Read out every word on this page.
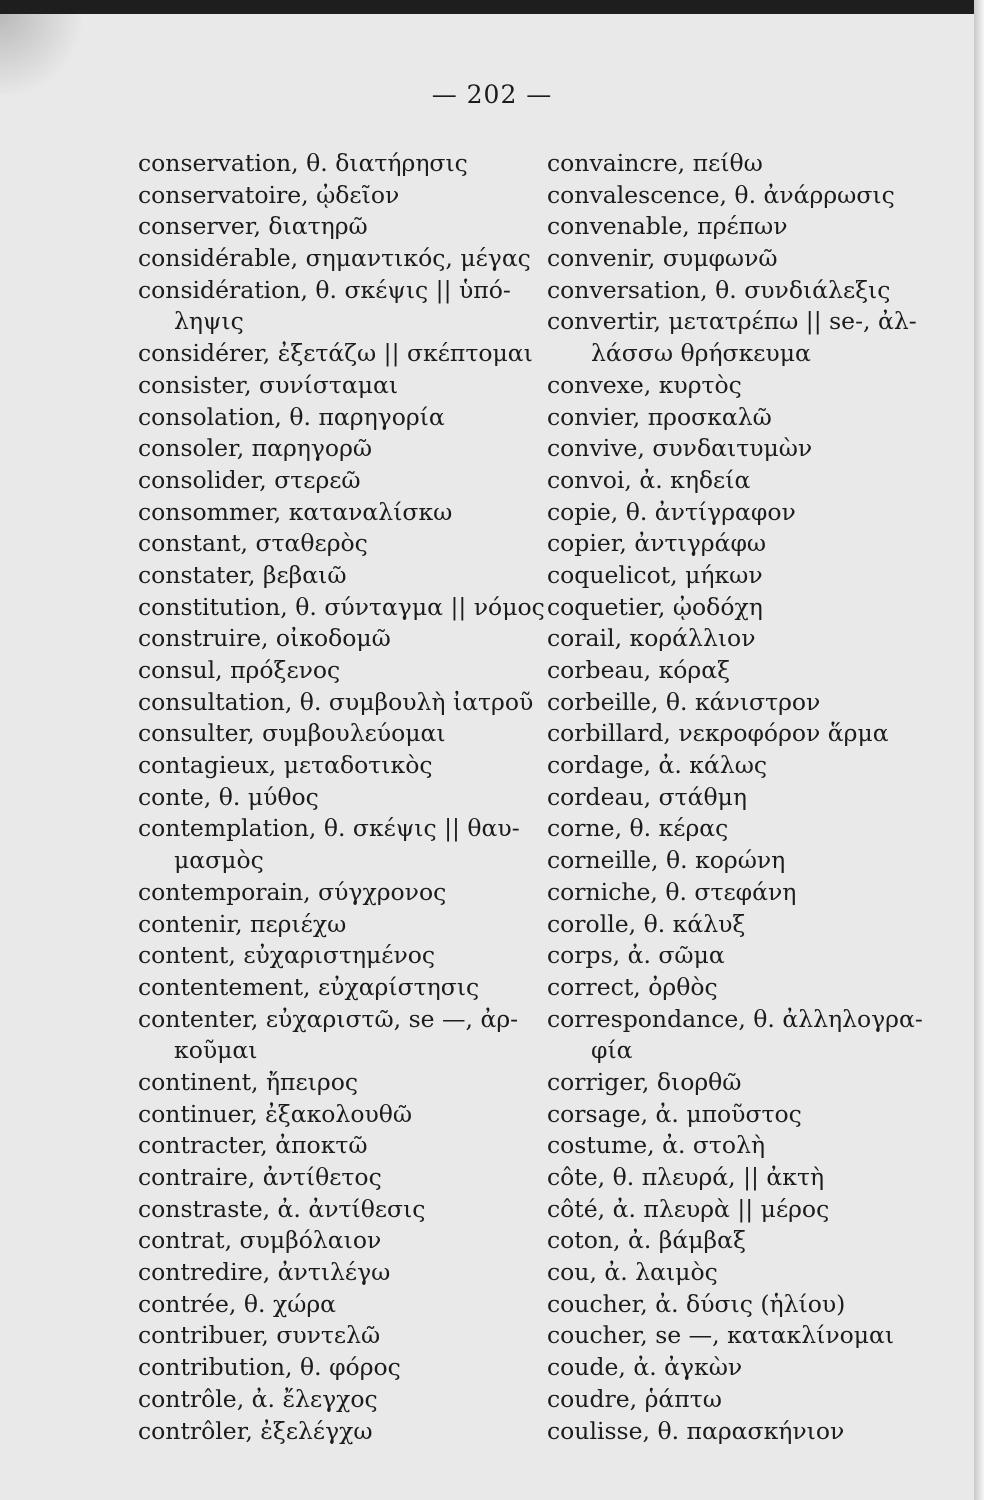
— 202 —
conservation, θ. διατήρησις
conservatoire, ᾠδεῖον
conserver, διατηρῶ
considérable, σημαντικός, μέγας
considération, θ. σκέψις || ὑπό-
ληψις
considérer, ἐξετάζω || σκέπτομαι
consister, συνίσταμαι
consolation, θ. παρηγορία
consoler, παρηγορῶ
consolider, στερεῶ
consommer, καταναλίσκω
constant, σταθερὸς
constater, βεβαιῶ
constitution, θ. σύνταγμα || νόμος
construire, οἰκοδομῶ
consul, πρόξενος
consultation, θ. συμβουλὴ ἰατροῦ
consulter, συμβουλεύομαι
contagieux, μεταδοτικὸς
conte, θ. μύθος
contemplation, θ. σκέψις || θαυ-
μασμὸς
contemporain, σύγχρονος
contenir, περιέχω
content, εὐχαριστημένος
contentement, εὐχαρίστησις
contenter, εὐχαριστῶ, se —, ἀρ-
κοῦμαι
continent, ἤπειρος
continuer, ἐξακολουθῶ
contracter, ἀποκτῶ
contraire, ἀντίθετος
constraste, ἀ. ἀντίθεσις
contrat, συμβόλαιον
contredire, ἀντιλέγω
contrée, θ. χώρα
contribuer, συντελῶ
contribution, θ. φόρος
contrôle, ἀ. ἔλεγχος
contrôler, ἐξελέγχω
convaincre, πείθω
convalescence, θ. ἀνάρρωσις
convenable, πρέπων
convenir, συμφωνῶ
conversation, θ. συνδιάλεξις
convertir, μετατρέπω || se-, ἀλ-
λάσσω θρήσκευμα
convexe, κυρτὸς
convier, προσκαλῶ
convive, συνδαιτυμὼν
convoi, ἀ. κηδεία
copie, θ. ἀντίγραφον
copier, ἀντιγράφω
coquelicot, μήκων
coquetier, ᾠοδόχη
corail, κοράλλιον
corbeau, κόραξ
corbeille, θ. κάνιστρον
corbillard, νεκροφόρον ἅρμα
cordage, ἀ. κάλως
cordeau, στάθμη
corne, θ. κέρας
corneille, θ. κορώνη
corniche, θ. στεφάνη
corolle, θ. κάλυξ
corps, ἀ. σῶμα
correct, ὀρθὸς
correspondance, θ. ἀλληλογρα-
φία
corriger, διορθῶ
corsage, ἀ. μποῦστος
costume, ἀ. στολὴ
côte, θ. πλευρά, || ἀκτὴ
côté, ἀ. πλευρὰ || μέρος
coton, ἀ. βάμβαξ
cou, ἀ. λαιμὸς
coucher, ἀ. δύσις (ἡλίου)
coucher, se —, κατακλίνομαι
coude, ἀ. ἀγκὼν
coudre, ῥάπτω
coulisse, θ. παρασκήνιον
